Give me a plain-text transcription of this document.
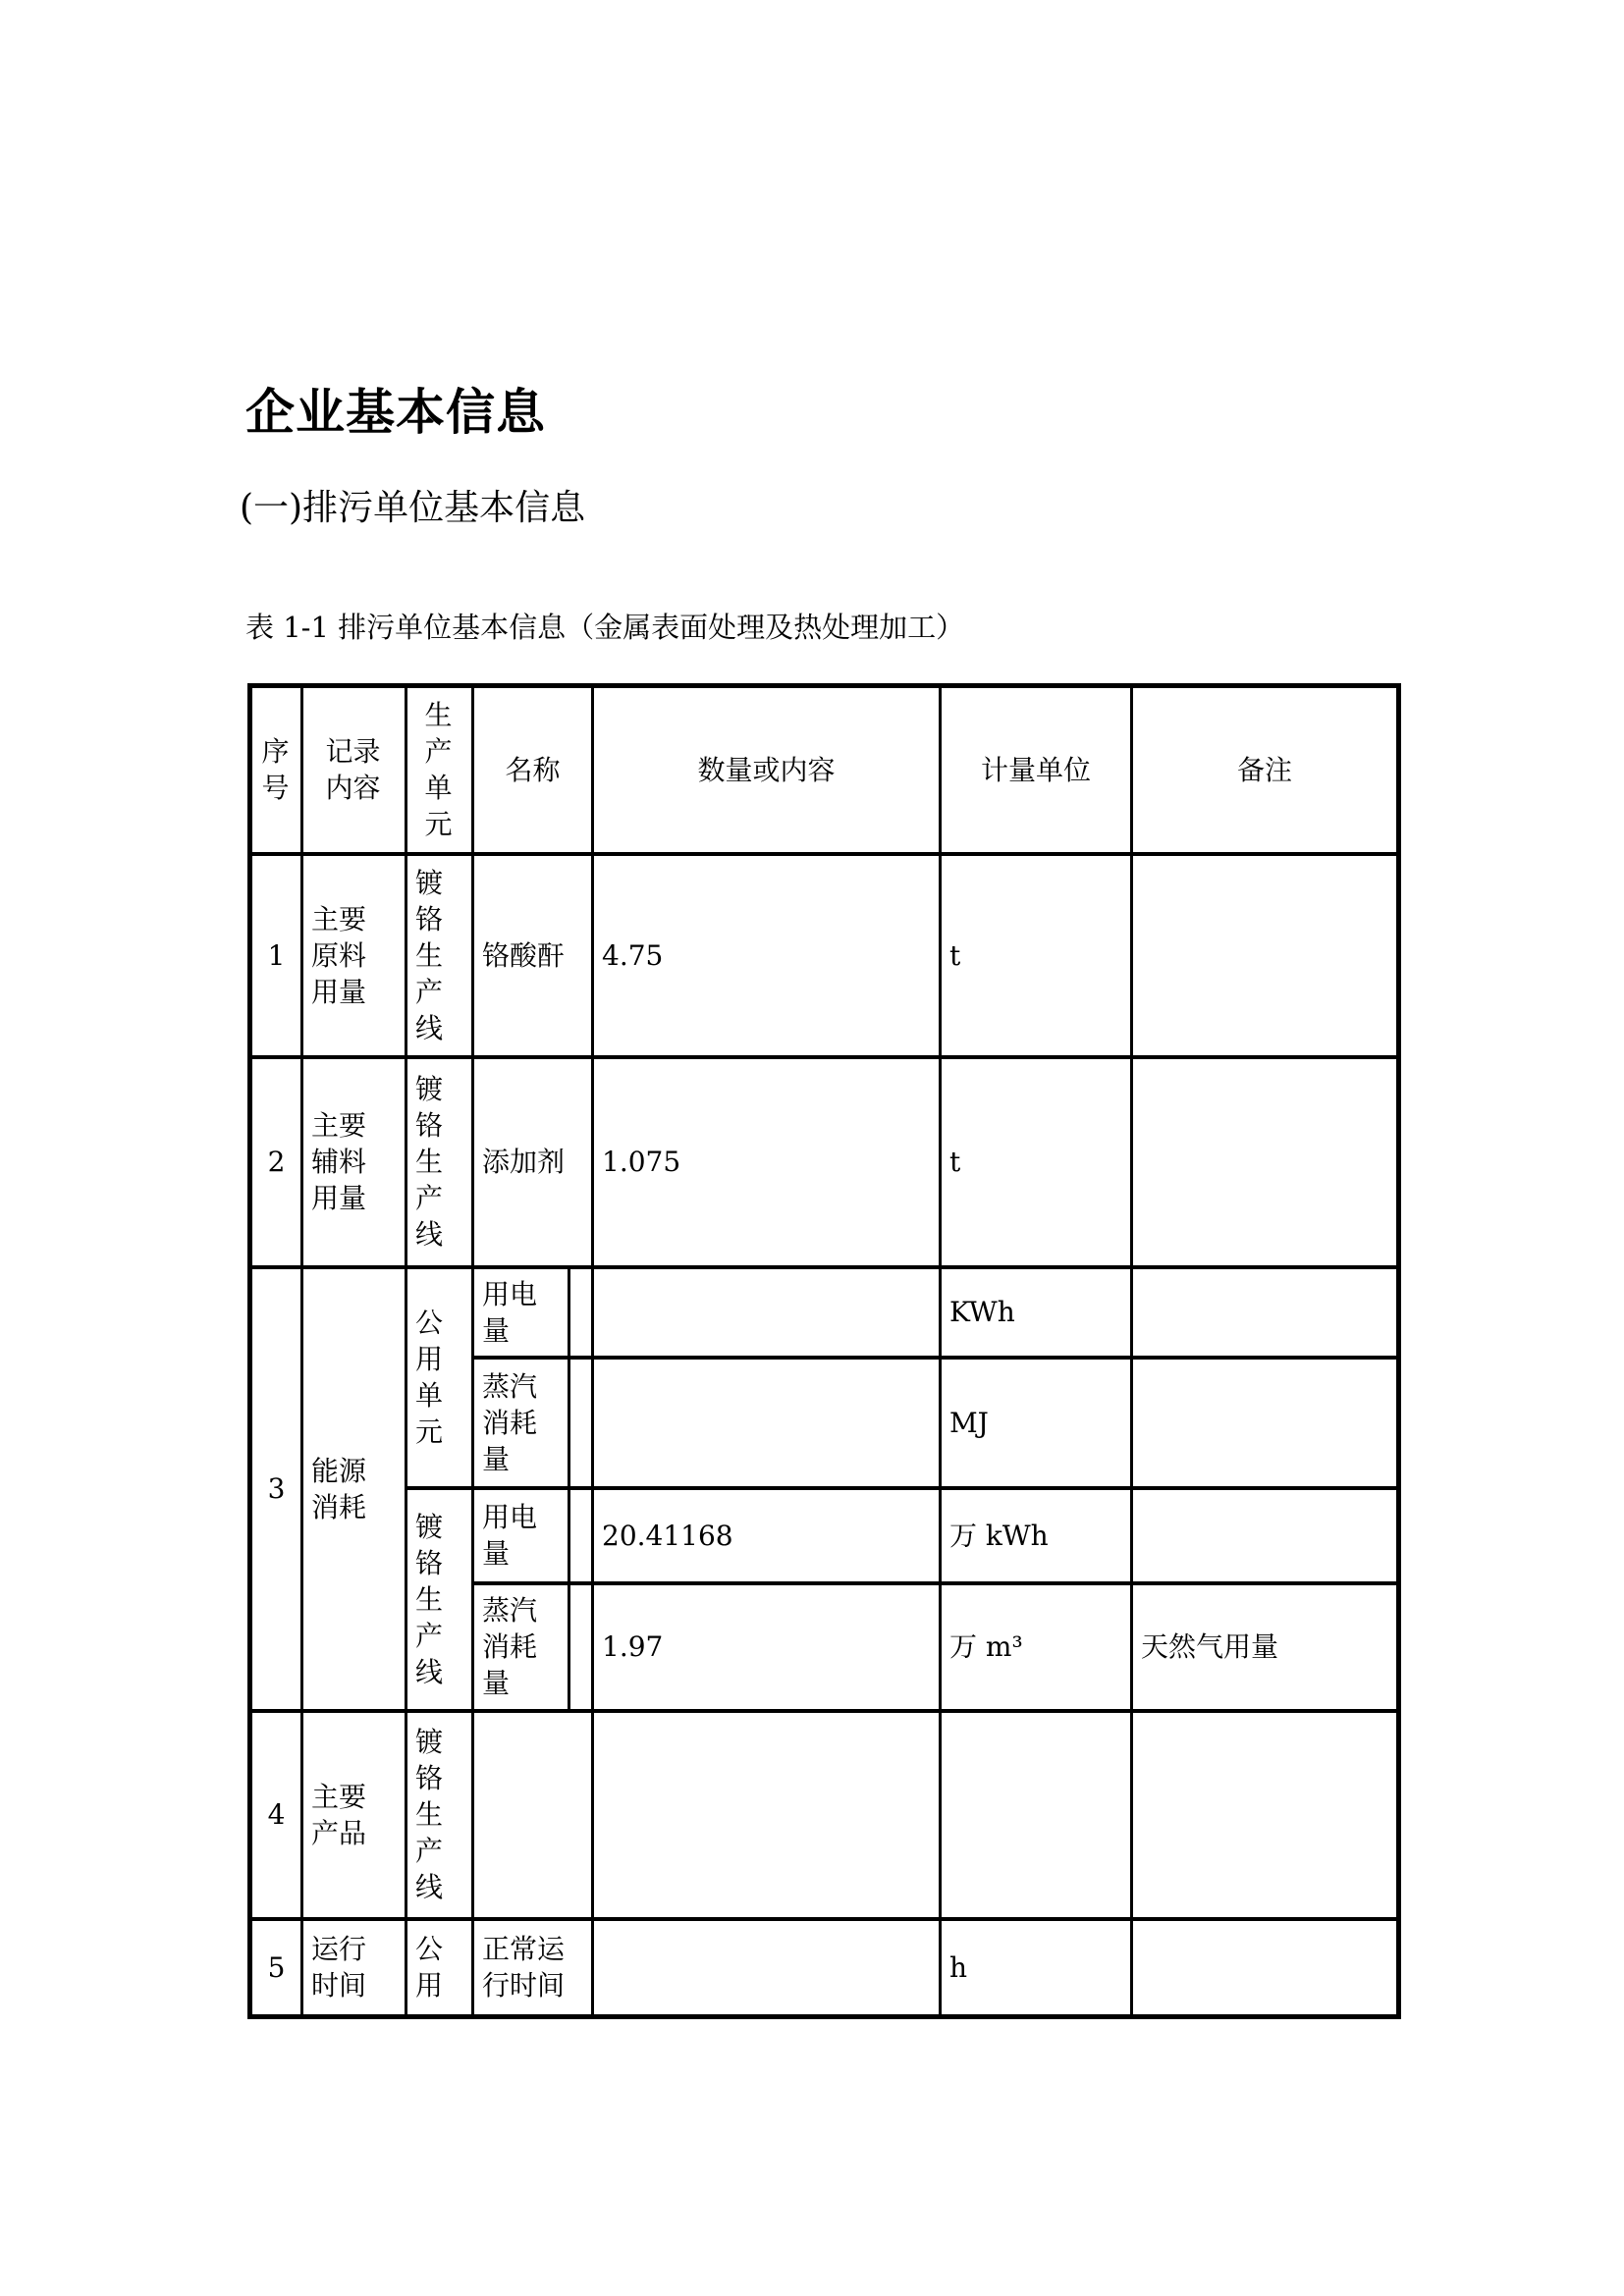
企业基本信息
(一)排污单位基本信息
表 1-1 排污单位基本信息（金属表面处理及热处理加工）
序号	记录内容	生产单元	名称		数量或内容	计量单位	备注
1	主要原料用量	镀铬生产线	铬酸酐		4.75	t	
2	主要辅料用量	镀铬生产线	添加剂		1.075	t	
3	能源消耗	公用单元	用电量			KWh	
			蒸汽消耗量			MJ	
		镀铬生产线	用电量		20.41168	万 kWh	
			蒸汽消耗量		1.97	万 m³	天然气用量
4	主要产品	镀铬生产线					
5	运行时间	公用	正常运行时间			h	
